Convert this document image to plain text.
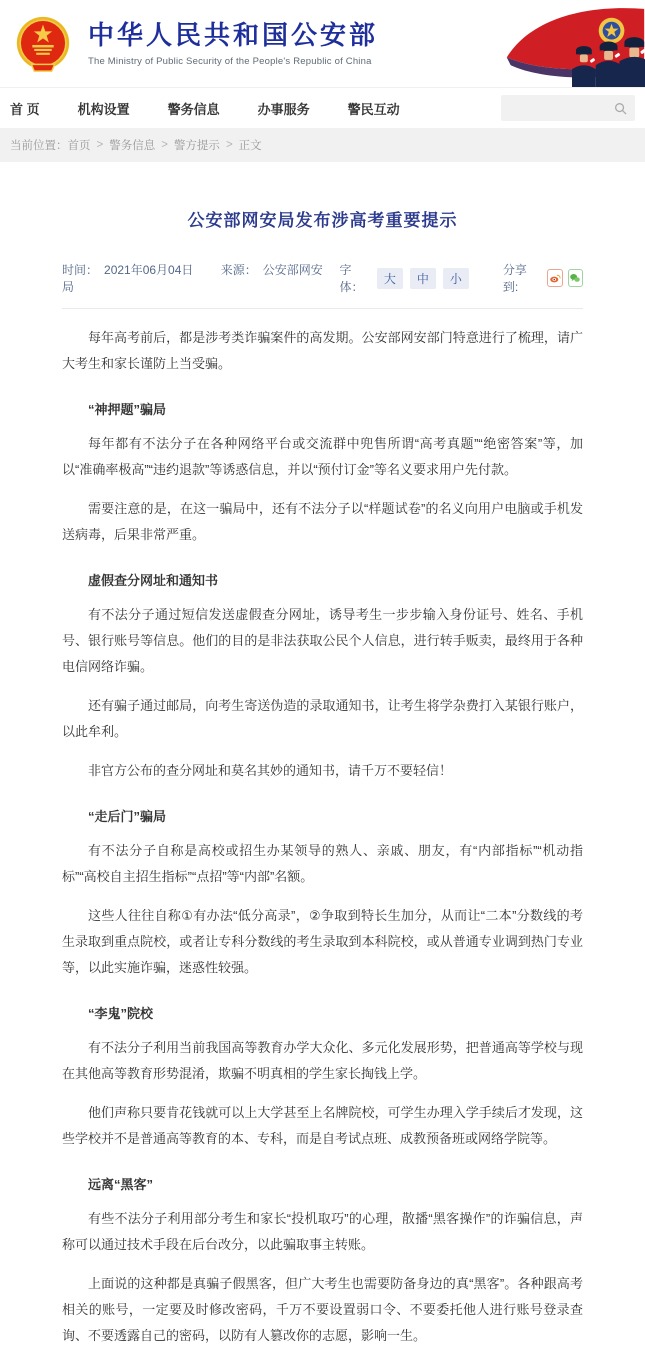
中华人民共和国公安部
The Ministry of Public Security of the People's Republic of China
首 页	机构设置	警务信息	办事服务	警民互动
当前位置： 首页 > 警务信息 > 警方提示 > 正文
公安部网安局发布涉高考重要提示
时间： 2021年06月04日 来源： 公安部网安局
字体：
大	中	小
分享到:

每年高考前后，都是涉考类诈骗案件的高发期。公安部网安部门特意进行了梳理，请广大考生和家长谨防上当受骗。

“神押题”骗局

每年都有不法分子在各种网络平台或交流群中兜售所谓“高考真题”“绝密答案”等，加以“准确率极高”“违约退款”等诱惑信息，并以“预付订金”等名义要求用户先付款。

需要注意的是，在这一骗局中，还有不法分子以“样题试卷”的名义向用户电脑或手机发送病毒，后果非常严重。

虚假查分网址和通知书

有不法分子通过短信发送虚假查分网址，诱导考生一步步输入身份证号、姓名、手机号、银行账号等信息。他们的目的是非法获取公民个人信息，进行转手贩卖，最终用于各种电信网络诈骗。

还有骗子通过邮局，向考生寄送伪造的录取通知书，让考生将学杂费打入某银行账户，以此牟利。

非官方公布的查分网址和莫名其妙的通知书，请千万不要轻信！

“走后门”骗局

有不法分子自称是高校或招生办某领导的熟人、亲戚、朋友，有“内部指标”“机动指标”“高校自主招生指标”“点招”等“内部”名额。

这些人往往自称①有办法“低分高录”，②争取到特长生加分，从而让“二本”分数线的考生录取到重点院校，或者让专科分数线的考生录取到本科院校，或从普通专业调到热门专业等，以此实施诈骗，迷惑性较强。

“李鬼”院校

有不法分子利用当前我国高等教育办学大众化、多元化发展形势，把普通高等学校与现在其他高等教育形势混淆，欺骗不明真相的学生家长掏钱上学。

他们声称只要肯花钱就可以上大学甚至上名牌院校，可学生办理入学手续后才发现，这些学校并不是普通高等教育的本、专科，而是自考试点班、成教预备班或网络学院等。

远离“黑客”

有些不法分子利用部分考生和家长“投机取巧”的心理，散播“黑客操作”的诈骗信息，声称可以通过技术手段在后台改分，以此骗取事主转账。

上面说的这种都是真骗子假黑客，但广大考生也需要防备身边的真“黑客”。各种跟高考相关的账号，一定要及时修改密码，千万不要设置弱口令、不要委托他人进行账号登录查询、不要透露自己的密码，以防有人篡改你的志愿，影响一生。
